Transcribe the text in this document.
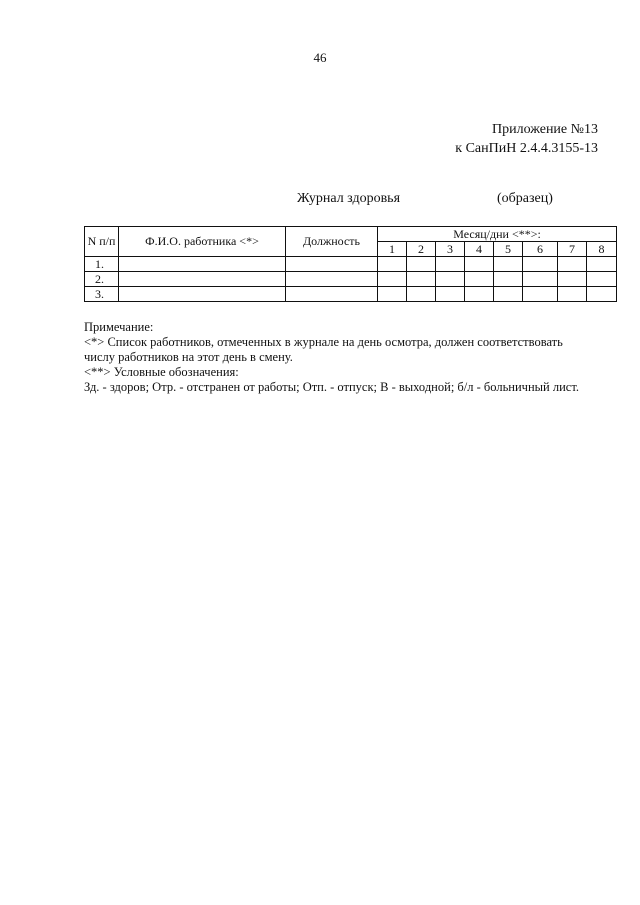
46
Приложение №13
к СанПиН 2.4.4.3155-13
Журнал здоровья	(образец)
N п/п	Ф.И.О. работника <*>	Должность	Месяц/дни <**>:							
			1	2	3	4	5	6	7	8
1.										
2.										
3.										

Примечание:

<*> Список работников, отмеченных в журнале на день осмотра, должен соответствовать

числу работников на этот день в смену.

<**> Условные обозначения:

Зд. - здоров; Отр. - отстранен от работы; Отп. - отпуск; В - выходной; б/л - больничный лист.
